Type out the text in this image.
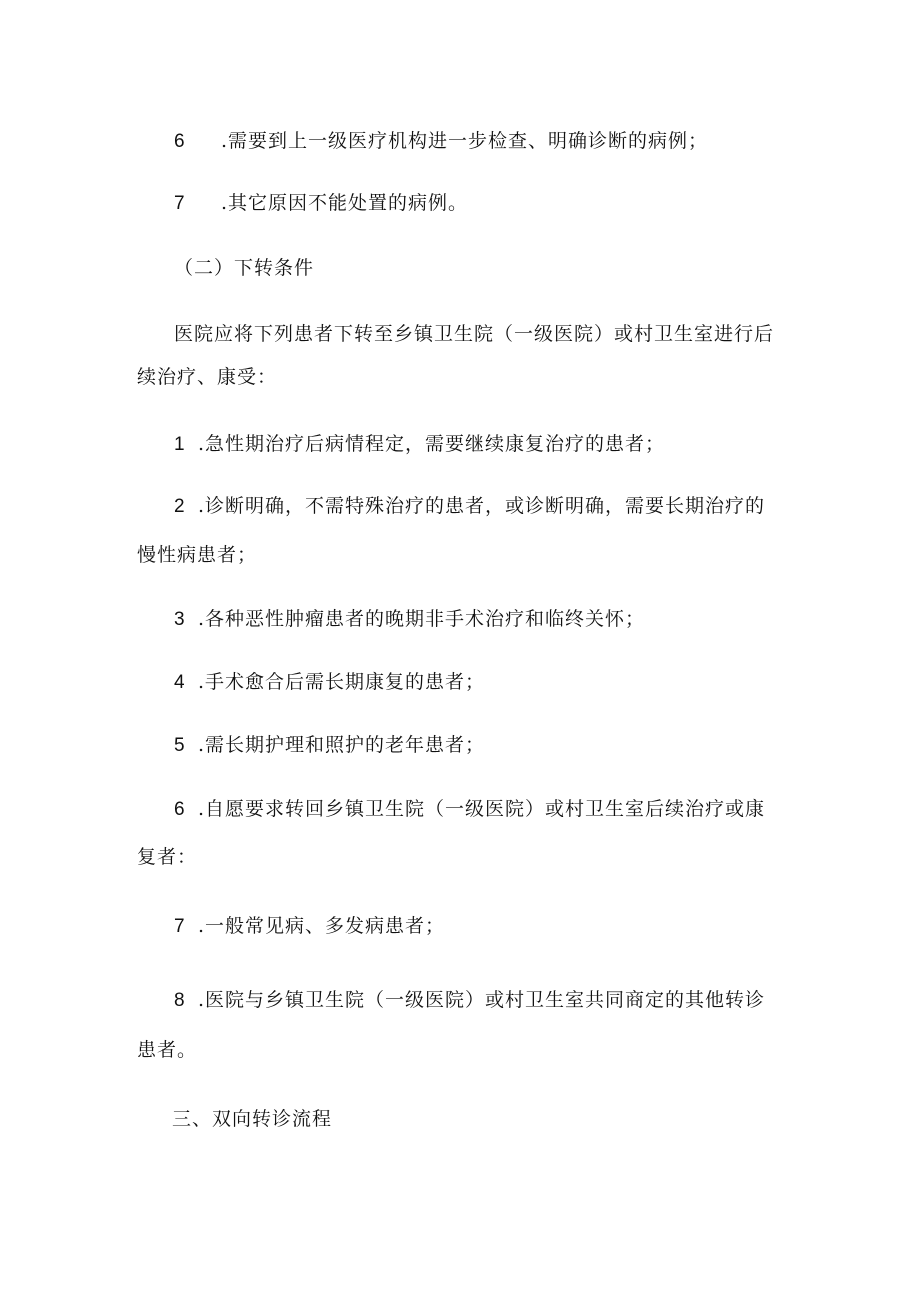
6 .需要到上一级医疗机构进一步检查、明确诊断的病例；
7 .其它原因不能处置的病例。
（二）下转条件
医院应将下列患者下转至乡镇卫生院（一级医院）或村卫生室进行后
续治疗、康受：
1 .急性期治疗后病情程定，需要继续康复治疗的患者；
2 .诊断明确，不需特殊治疗的患者，或诊断明确，需要长期治疗的
慢性病患者；
3 .各种恶性肿瘤患者的晚期非手术治疗和临终关怀；
4 .手术愈合后需长期康复的患者；
5 .需长期护理和照护的老年患者；
6 .自愿要求转回乡镇卫生院（一级医院）或村卫生室后续治疗或康
复者：
7 .一般常见病、多发病患者；
8 .医院与乡镇卫生院（一级医院）或村卫生室共同商定的其他转诊
患者。
三、双向转诊流程
